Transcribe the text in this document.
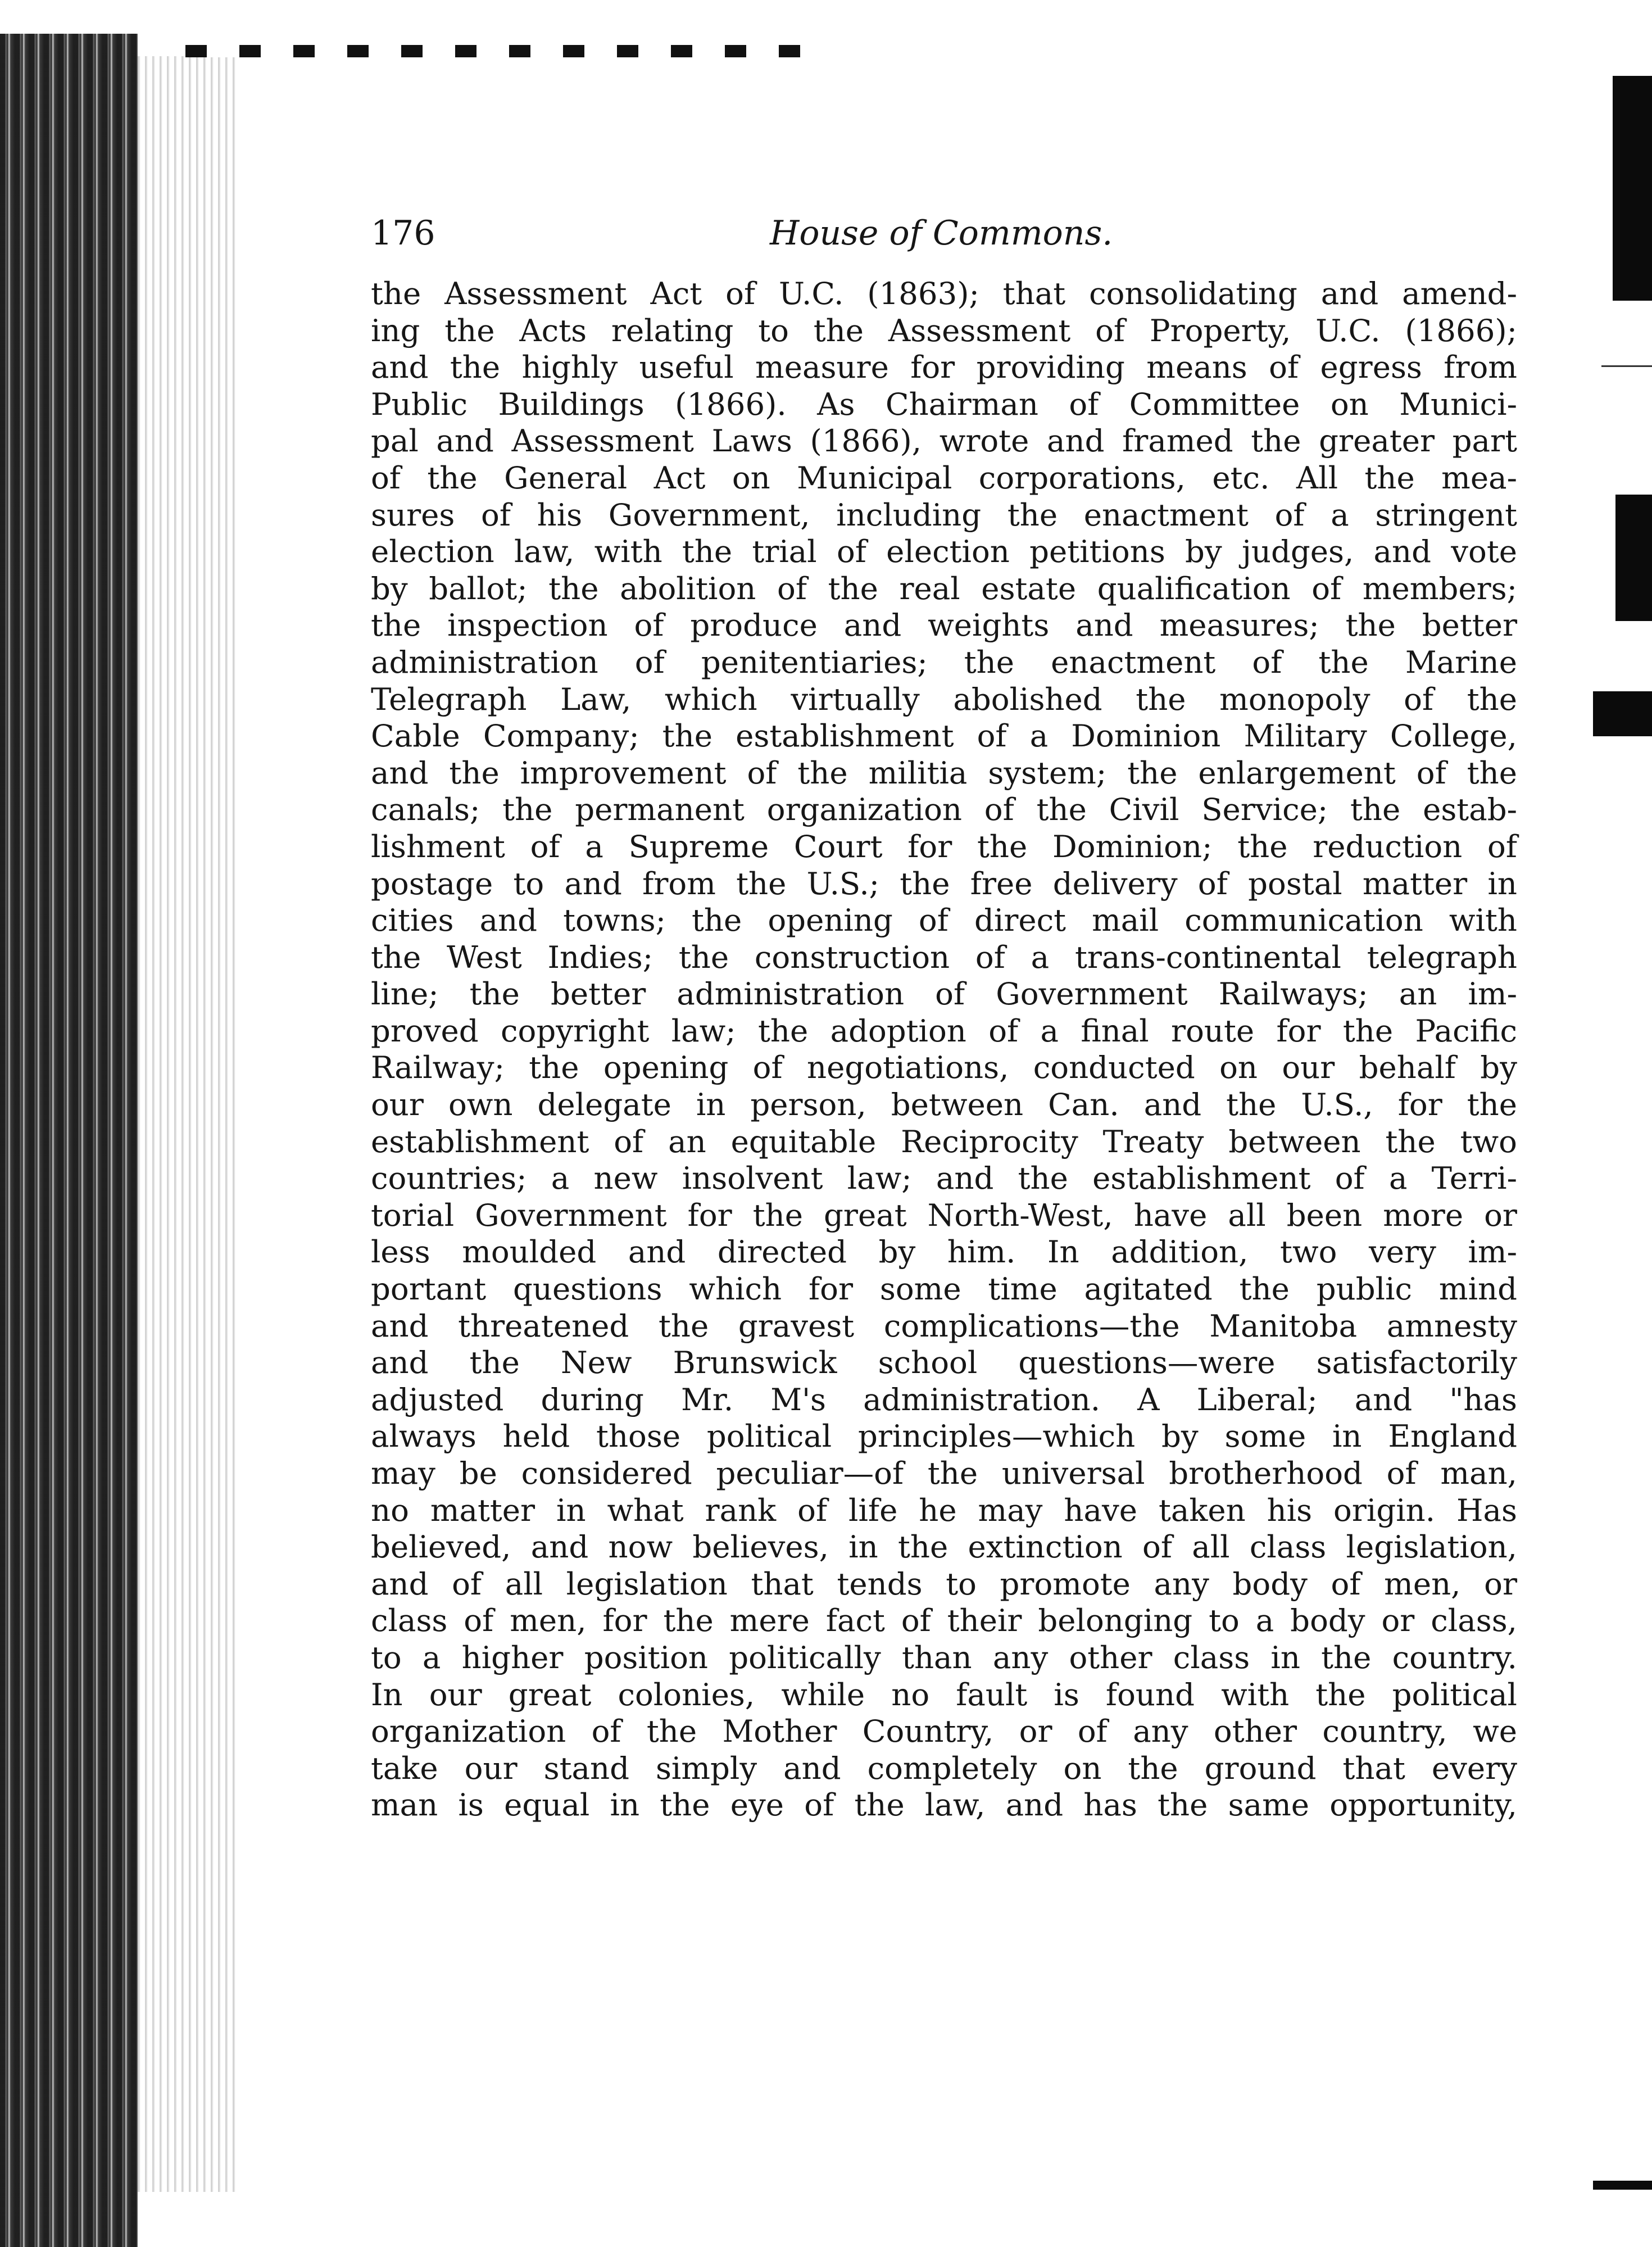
176	House of Commons.
the Assessment Act of U.C. (1863); that consolidating and amend-
ing the Acts relating to the Assessment of Property, U.C. (1866);
and the highly useful measure for providing means of egress from
Public Buildings (1866). As Chairman of Committee on Munici-
pal and Assessment Laws (1866), wrote and framed the greater part
of the General Act on Municipal corporations, etc. All the mea-
sures of his Government, including the enactment of a stringent
election law, with the trial of election petitions by judges, and vote
by ballot; the abolition of the real estate qualification of members;
the inspection of produce and weights and measures; the better
administration of penitentiaries; the enactment of the Marine
Telegraph Law, which virtually abolished the monopoly of the
Cable Company; the establishment of a Dominion Military College,
and the improvement of the militia system; the enlargement of the
canals; the permanent organization of the Civil Service; the estab-
lishment of a Supreme Court for the Dominion; the reduction of
postage to and from the U.S.; the free delivery of postal matter in
cities and towns; the opening of direct mail communication with
the West Indies; the construction of a trans-continental telegraph
line; the better administration of Government Railways; an im-
proved copyright law; the adoption of a final route for the Pacific
Railway; the opening of negotiations, conducted on our behalf by
our own delegate in person, between Can. and the U.S., for the
establishment of an equitable Reciprocity Treaty between the two
countries; a new insolvent law; and the establishment of a Terri-
torial Government for the great North-West, have all been more or
less moulded and directed by him. In addition, two very im-
portant questions which for some time agitated the public mind
and threatened the gravest complications—the Manitoba amnesty
and the New Brunswick school questions—were satisfactorily
adjusted during Mr. M's administration. A Liberal; and "has
always held those political principles—which by some in England
may be considered peculiar—of the universal brotherhood of man,
no matter in what rank of life he may have taken his origin. Has
believed, and now believes, in the extinction of all class legislation,
and of all legislation that tends to promote any body of men, or
class of men, for the mere fact of their belonging to a body or class,
to a higher position politically than any other class in the country.
In our great colonies, while no fault is found with the political
organization of the Mother Country, or of any other country, we
take our stand simply and completely on the ground that every
man is equal in the eye of the law, and has the same opportunity,
